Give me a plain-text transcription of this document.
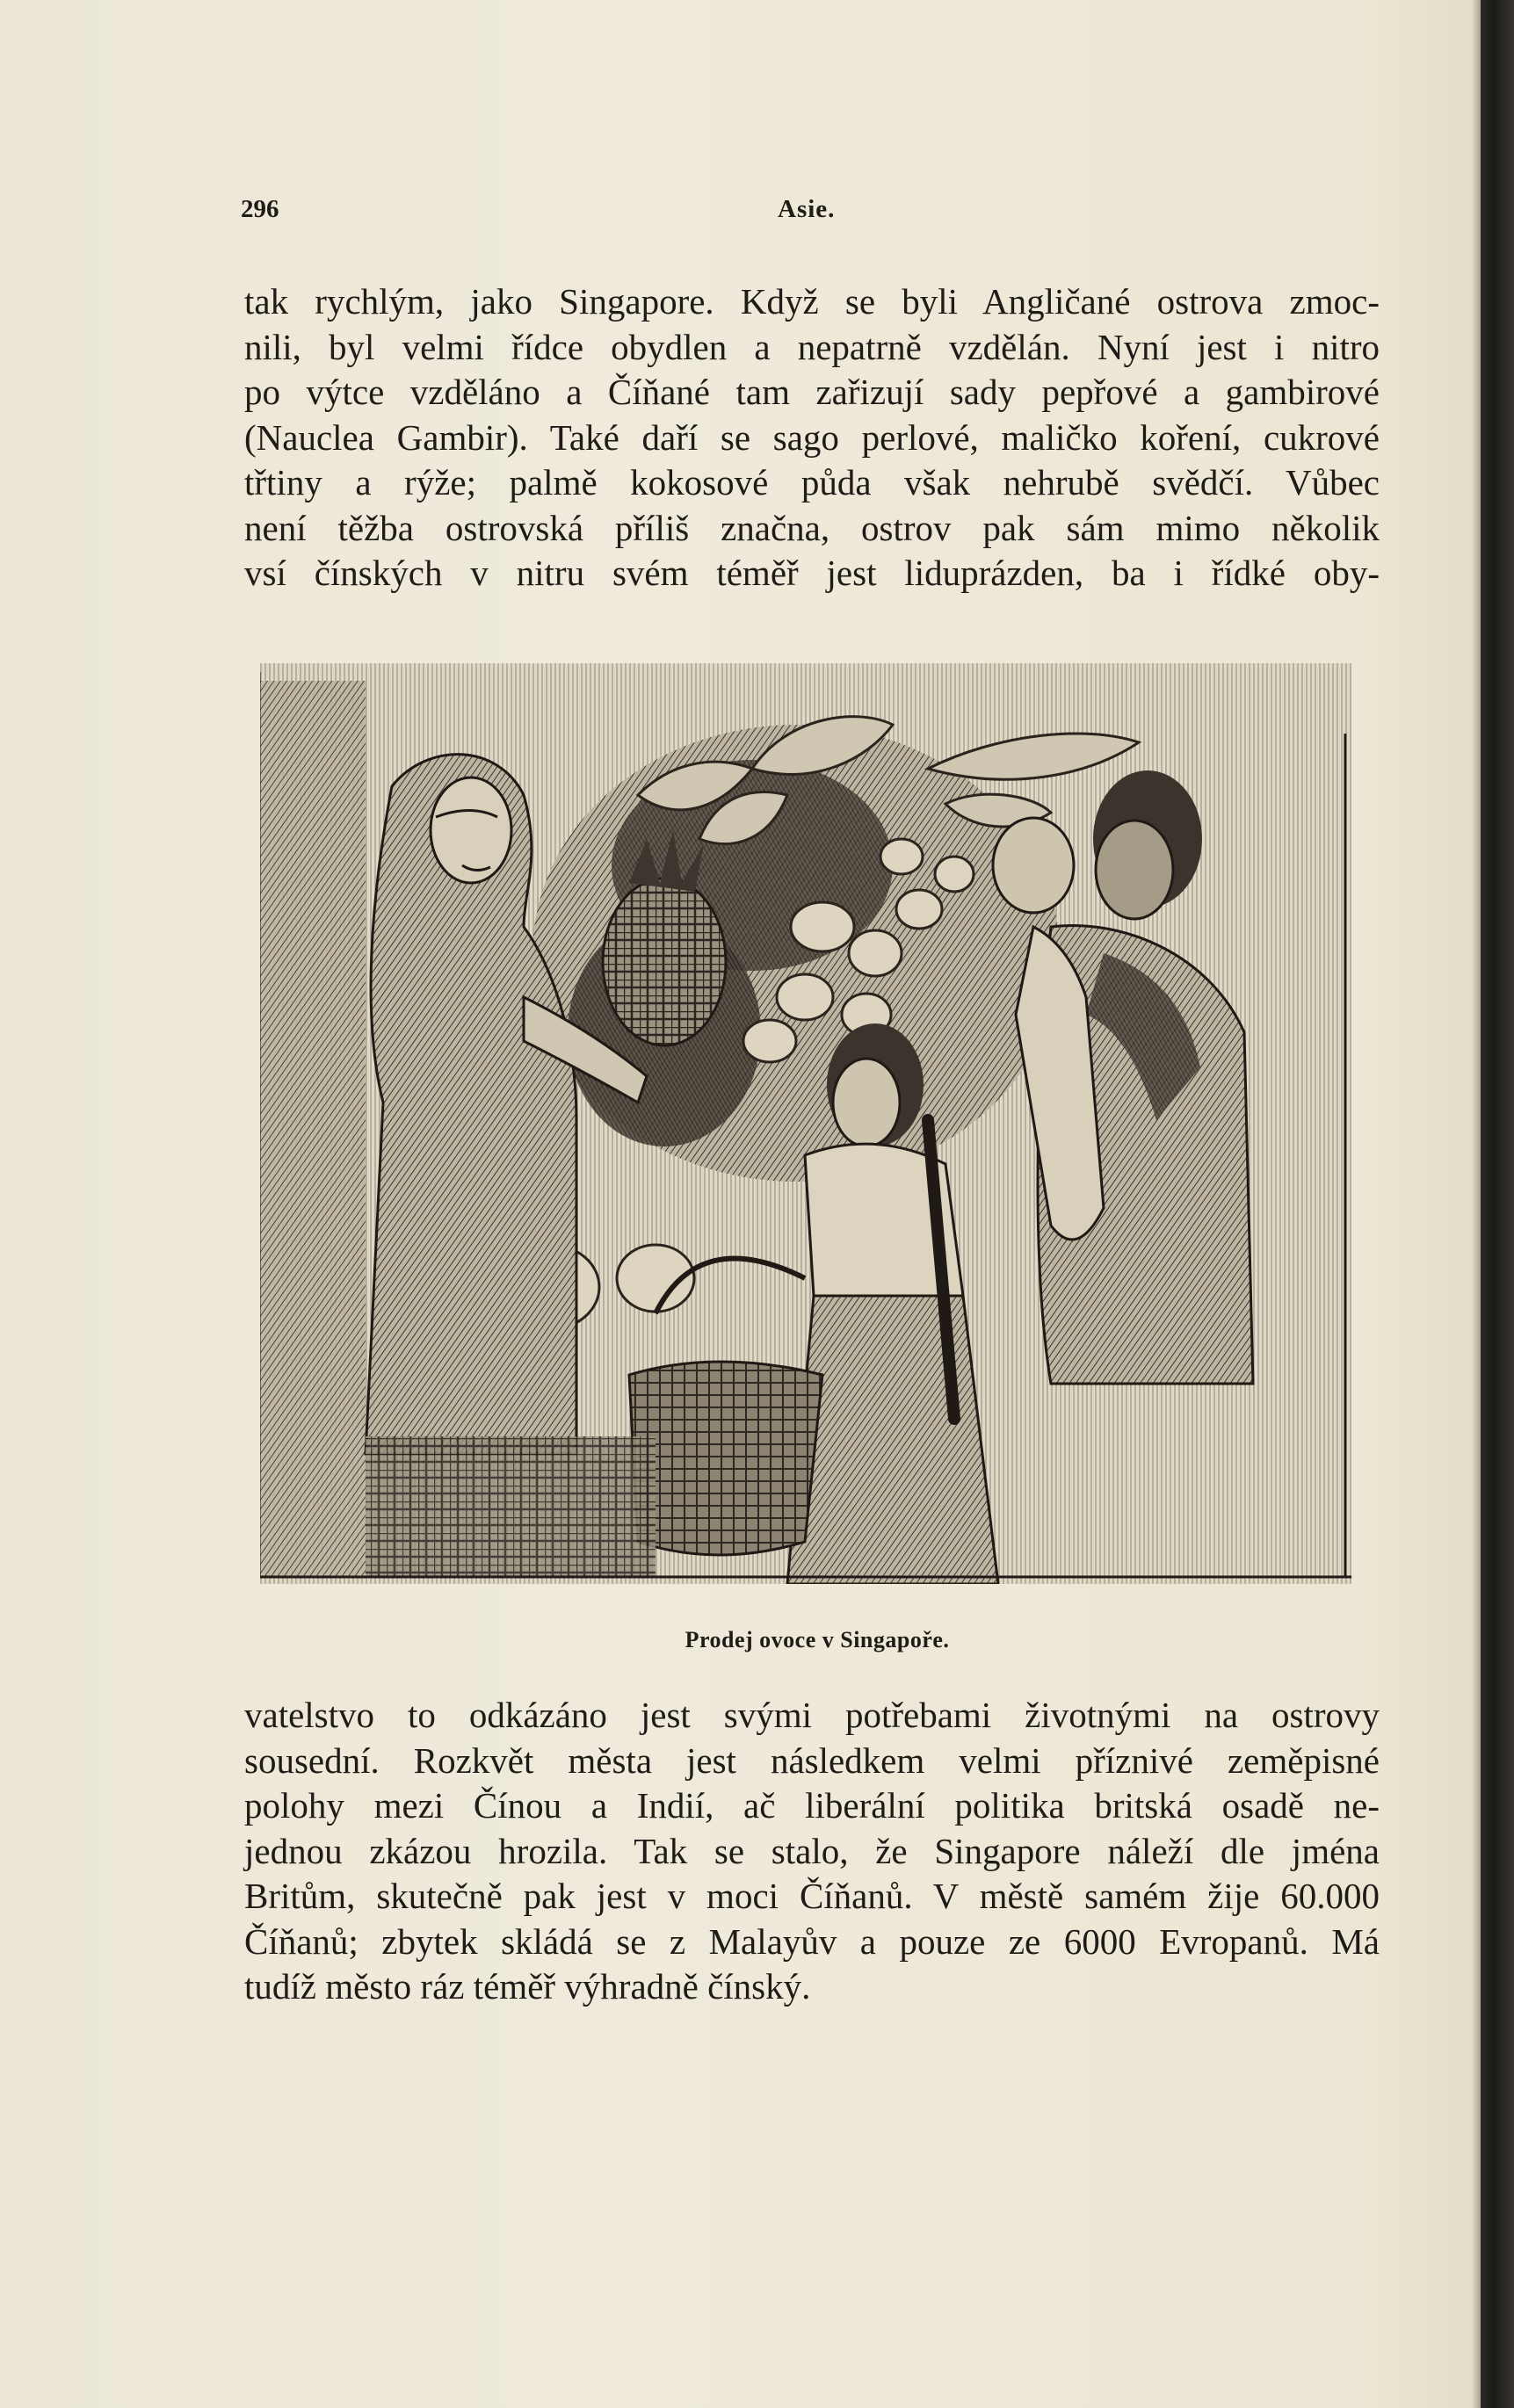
296	Asie.
tak rychlým, jako Singapore. Když se byli Angličané ostrova zmoc-
nili, byl velmi řídce obydlen a nepatrně vzdělán. Nyní jest i nitro
po výtce vzděláno a Číňané tam zařizují sady pepřové a gambirové
(Nauclea Gambir). Také daří se sago perlové, maličko koření, cukrové
třtiny a rýže; palmě kokosové půda však nehrubě svědčí. Vůbec
není těžba ostrovská příliš značna, ostrov pak sám mimo několik
vsí čínských v nitru svém téměř jest liduprázden, ba i řídké oby-
Prodej ovoce v Singapoře.
vatelstvo to odkázáno jest svými potřebami životnými na ostrovy
sousední. Rozkvět města jest následkem velmi příznivé zeměpisné
polohy mezi Čínou a Indií, ač liberální politika britská osadě ne-
jednou zkázou hrozila. Tak se stalo, že Singapore náleží dle jména
Britům, skutečně pak jest v moci Číňanů. V městě samém žije 60.000
Číňanů; zbytek skládá se z Malayův a pouze ze 6000 Evropanů. Má
tudíž město ráz téměř výhradně čínský.
